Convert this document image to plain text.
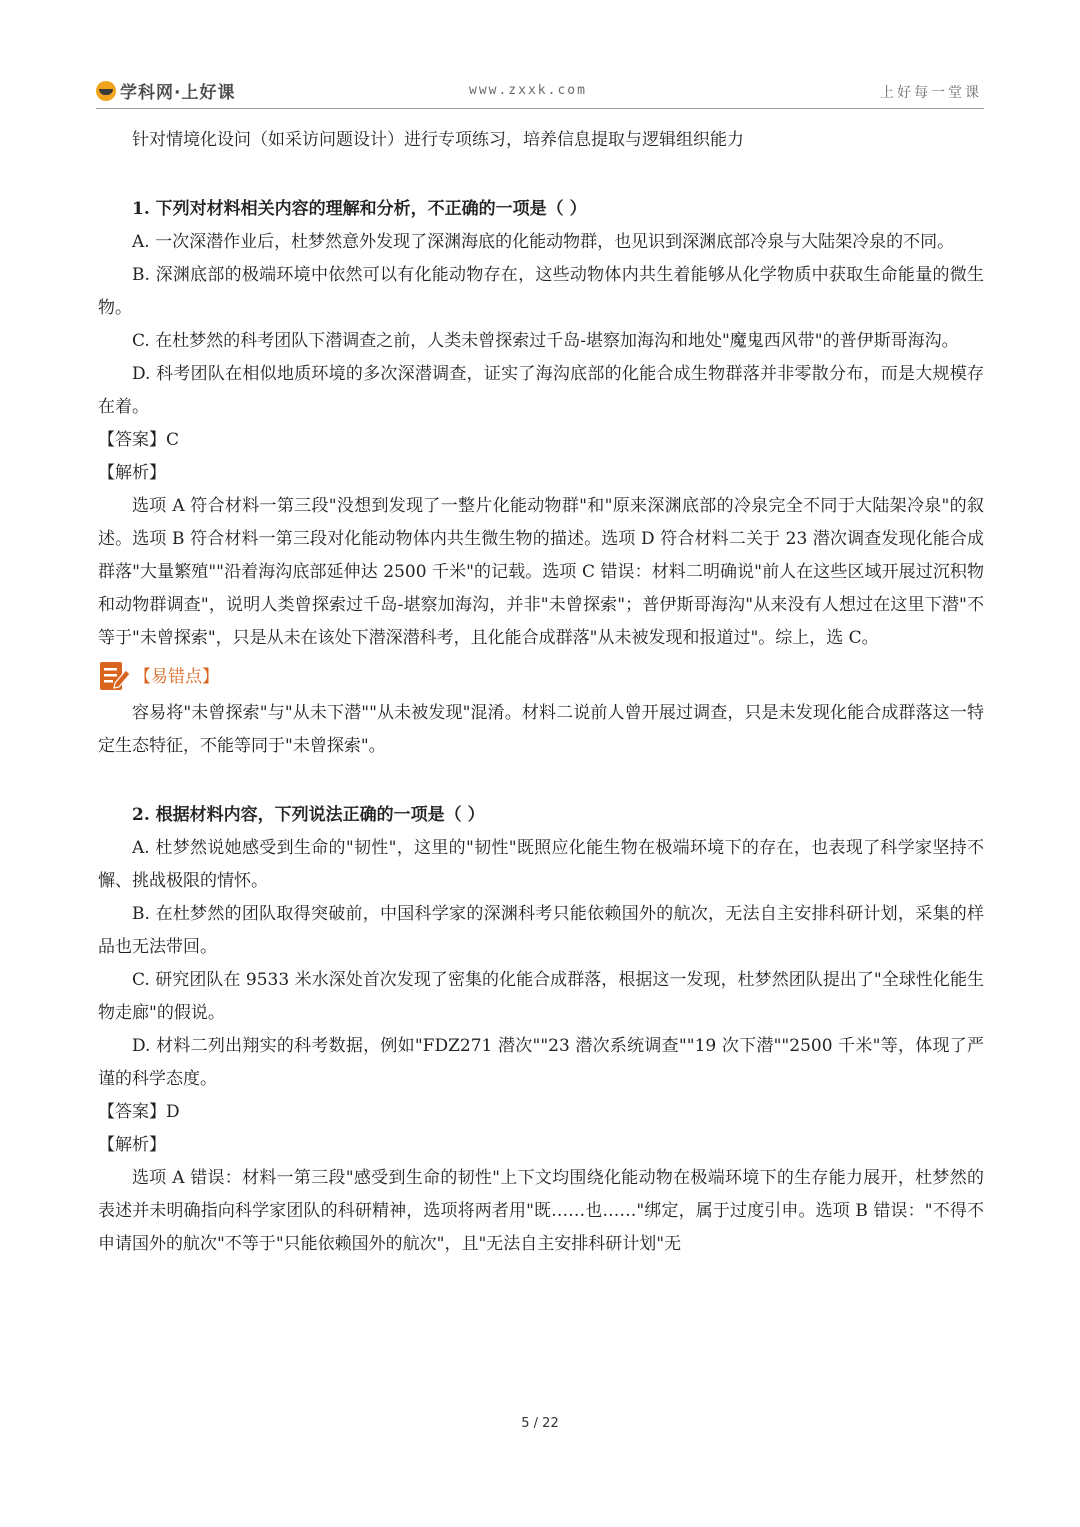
学科网·上好课	www.zxxk.com	上好每一堂课

针对情境化设问（如采访问题设计）进行专项练习，培养信息提取与逻辑组织能力

1. 下列对材料相关内容的理解和分析，不正确的一项是（ ）

A. 一次深潜作业后，杜梦然意外发现了深渊海底的化能动物群，也见识到深渊底部冷泉与大陆架冷泉的不同。

B. 深渊底部的极端环境中依然可以有化能动物存在，这些动物体内共生着能够从化学物质中获取生命能量的微生物。

C. 在杜梦然的科考团队下潜调查之前，人类未曾探索过千岛-堪察加海沟和地处"魔鬼西风带"的普伊斯哥海沟。

D. 科考团队在相似地质环境的多次深潜调查，证实了海沟底部的化能合成生物群落并非零散分布，而是大规模存在着。

【答案】C

【解析】

选项 A 符合材料一第三段"没想到发现了一整片化能动物群"和"原来深渊底部的冷泉完全不同于大陆架冷泉"的叙述。选项 B 符合材料一第三段对化能动物体内共生微生物的描述。选项 D 符合材料二关于 23 潜次调查发现化能合成群落"大量繁殖""沿着海沟底部延伸达 2500 千米"的记载。选项 C 错误：材料二明确说"前人在这些区域开展过沉积物和动物群调查"，说明人类曾探索过千岛-堪察加海沟，并非"未曾探索"；普伊斯哥海沟"从来没有人想过在这里下潜"不等于"未曾探索"，只是从未在该处下潜深潜科考，且化能合成群落"从未被发现和报道过"。综上，选 C。

【易错点】

容易将"未曾探索"与"从未下潜""从未被发现"混淆。材料二说前人曾开展过调查，只是未发现化能合成群落这一特定生态特征，不能等同于"未曾探索"。

2. 根据材料内容，下列说法正确的一项是（ ）

A. 杜梦然说她感受到生命的"韧性"，这里的"韧性"既照应化能生物在极端环境下的存在，也表现了科学家坚持不懈、挑战极限的情怀。

B. 在杜梦然的团队取得突破前，中国科学家的深渊科考只能依赖国外的航次，无法自主安排科研计划，采集的样品也无法带回。

C. 研究团队在 9533 米水深处首次发现了密集的化能合成群落，根据这一发现，杜梦然团队提出了"全球性化能生物走廊"的假说。

D. 材料二列出翔实的科考数据，例如"FDZ271 潜次""23 潜次系统调查""19 次下潜""2500 千米"等，体现了严谨的科学态度。

【答案】D

【解析】

选项 A 错误：材料一第三段"感受到生命的韧性"上下文均围绕化能动物在极端环境下的生存能力展开，杜梦然的表述并未明确指向科学家团队的科研精神，选项将两者用"既……也……"绑定，属于过度引申。选项 B 错误："不得不申请国外的航次"不等于"只能依赖国外的航次"，且"无法自主安排科研计划"无

5 / 22
